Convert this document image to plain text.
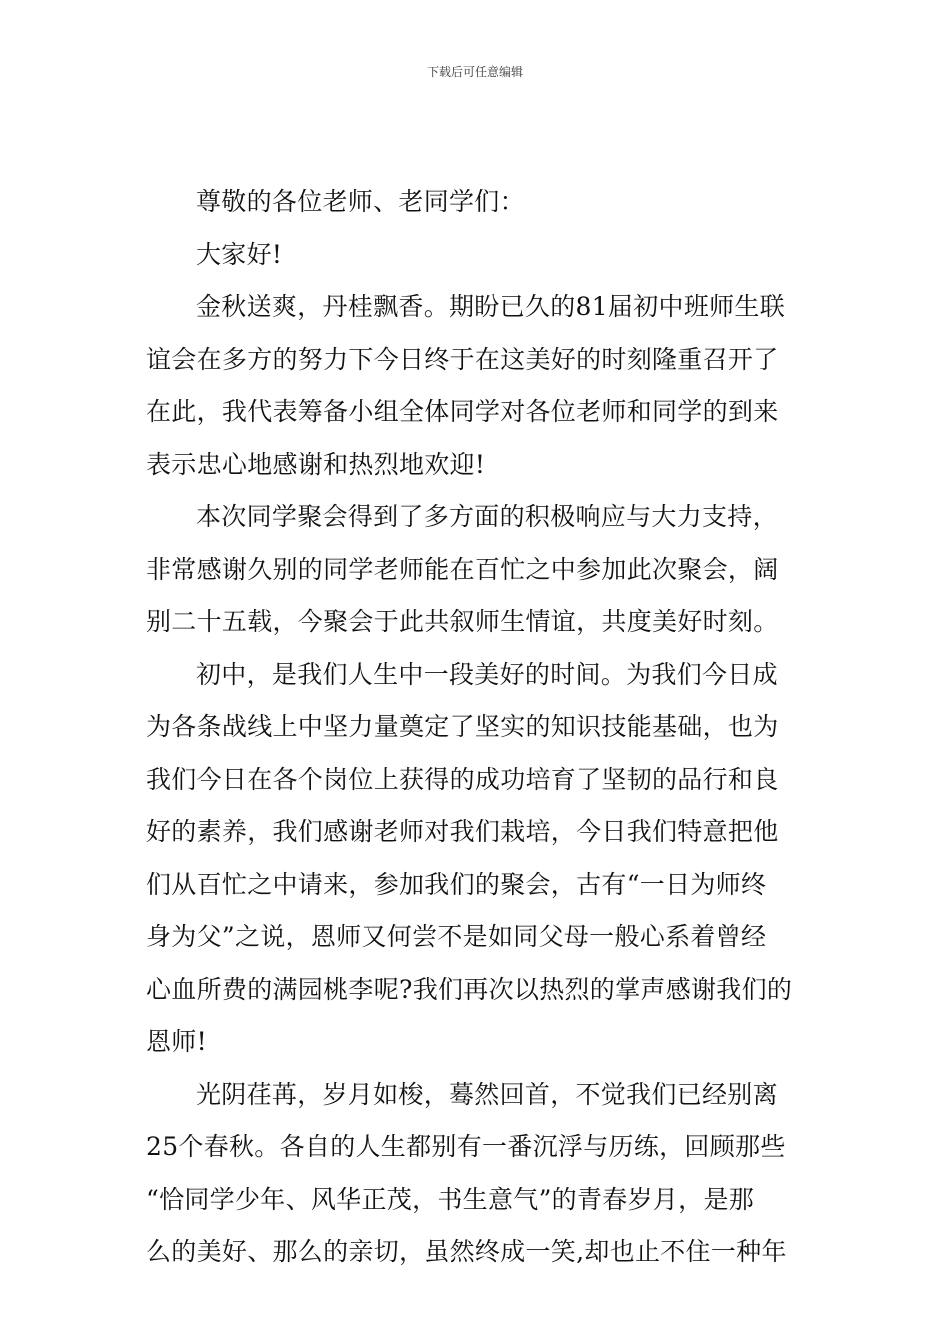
下载后可任意编辑
尊敬的各位老师、老同学们：
大家好!
金秋送爽，丹桂飘香。期盼已久的81届初中班师生联
谊会在多方的努力下今日终于在这美好的时刻隆重召开了
在此，我代表筹备小组全体同学对各位老师和同学的到来
表示忠心地感谢和热烈地欢迎!
本次同学聚会得到了多方面的积极响应与大力支持，
非常感谢久别的同学老师能在百忙之中参加此次聚会，阔
别二十五载，今聚会于此共叙师生情谊，共度美好时刻。
初中，是我们人生中一段美好的时间。为我们今日成
为各条战线上中坚力量奠定了坚实的知识技能基础，也为
我们今日在各个岗位上获得的成功培育了坚韧的品行和良
好的素养，我们感谢老师对我们栽培，今日我们特意把他
们从百忙之中请来，参加我们的聚会，古有“一日为师终
身为父”之说，恩师又何尝不是如同父母一般心系着曾经
心血所费的满园桃李呢?我们再次以热烈的掌声感谢我们的
恩师!
光阴荏苒，岁月如梭，蓦然回首，不觉我们已经别离
25个春秋。各自的人生都别有一番沉浮与历练，回顾那些
“恰同学少年、风华正茂，书生意气”的青春岁月，是那
么的美好、那么的亲切，虽然终成一笑,却也止不住一种年
